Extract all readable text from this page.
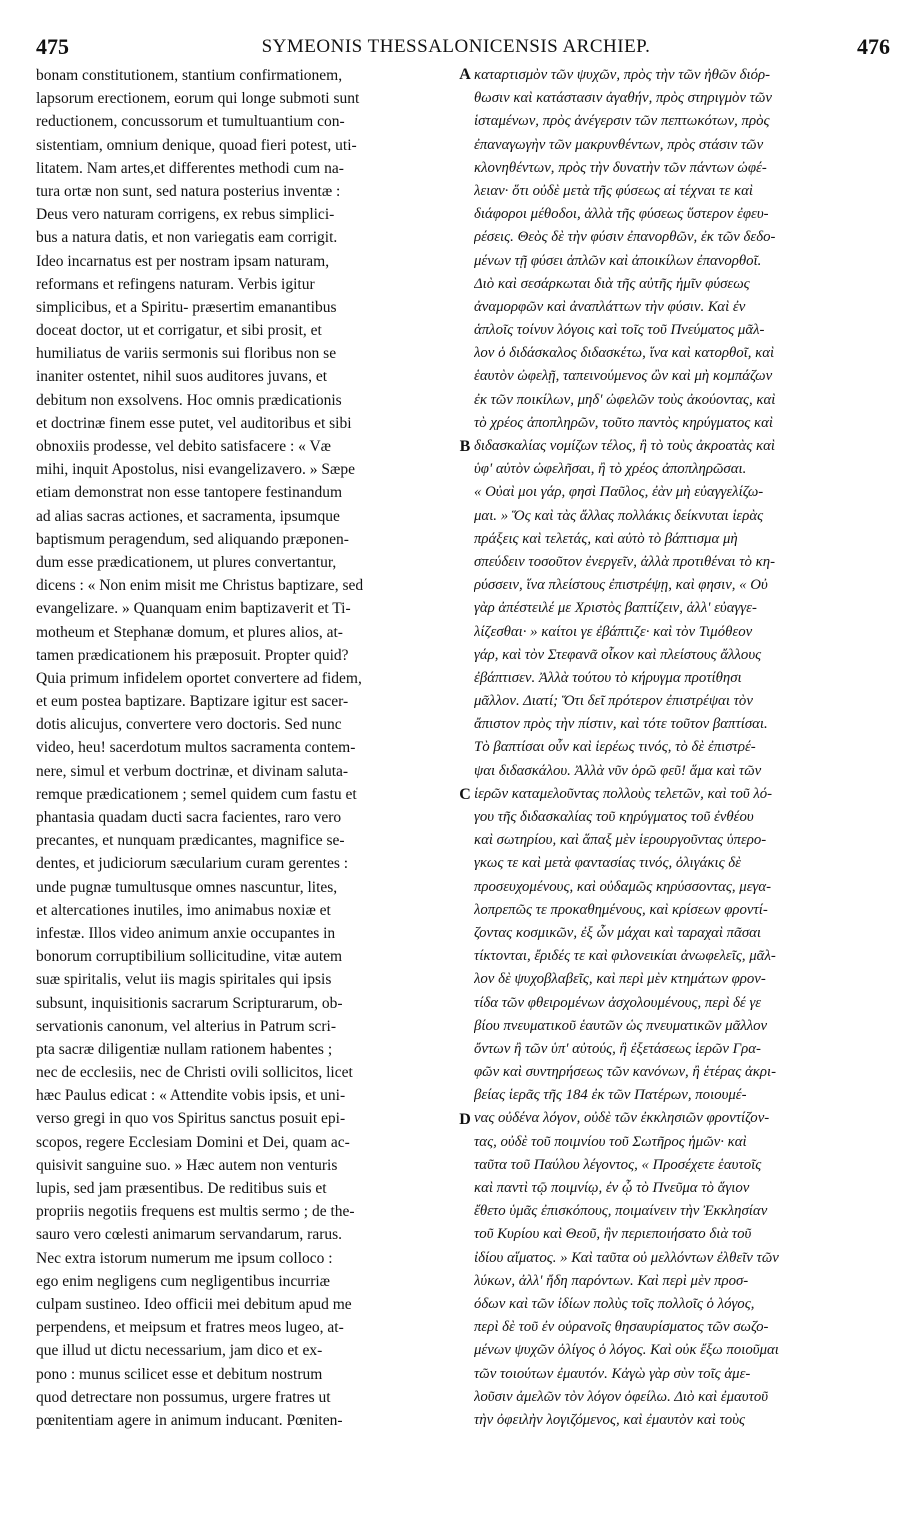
475	SYMEONIS THESSALONICENSIS ARCHIEP.	476
A
B
C
D
bonam constitutionem, stantium confirmationem,
lapsorum erectionem, eorum qui longe submoti sunt
reductionem, concussorum et tumultuantium con-
sistentiam, omnium denique, quoad fieri potest, uti-
litatem. Nam artes,et differentes methodi cum na-
tura ortæ non sunt, sed natura posterius inventæ :
Deus vero naturam corrigens, ex rebus simplici-
bus a natura datis, et non variegatis eam corrigit.
Ideo incarnatus est per nostram ipsam naturam,
reformans et refingens naturam. Verbis igitur
simplicibus, et a Spiritu- præsertim emanantibus
doceat doctor, ut et corrigatur, et sibi prosit, et
humiliatus de variis sermonis sui floribus non se
inaniter ostentet, nihil suos auditores juvans, et
debitum non exsolvens. Hoc omnis prædicationis
et doctrinæ finem esse putet, vel auditoribus et sibi
obnoxiis prodesse, vel debito satisfacere : « Væ
mihi, inquit Apostolus, nisi evangelizavero. » Sæpe
etiam demonstrat non esse tantopere festinandum
ad alias sacras actiones, et sacramenta, ipsumque
baptismum peragendum, sed aliquando præponen-
dum esse prædicationem, ut plures convertantur,
dicens : « Non enim misit me Christus baptizare, sed
evangelizare. » Quanquam enim baptizaverit et Ti-
motheum et Stephanæ domum, et plures alios, at-
tamen prædicationem his præposuit. Propter quid?
Quia primum infidelem oportet convertere ad fidem,
et eum postea baptizare. Baptizare igitur est sacer-
dotis alicujus, convertere vero doctoris. Sed nunc
video, heu! sacerdotum multos sacramenta contem-
nere, simul et verbum doctrinæ, et divinam saluta-
remque prædicationem ; semel quidem cum fastu et
phantasia quadam ducti sacra facientes, raro vero
precantes, et nunquam prædicantes, magnifice se-
dentes, et judiciorum sæcularium curam gerentes :
unde pugnæ tumultusque omnes nascuntur, lites,
et altercationes inutiles, imo animabus noxiæ et
infestæ. Illos video animum anxie occupantes in
bonorum corruptibilium sollicitudine, vitæ autem
suæ spiritalis, velut iis magis spiritales qui ipsis
subsunt, inquisitionis sacrarum Scripturarum, ob-
servationis canonum, vel alterius in Patrum scri-
pta sacræ diligentiæ nullam rationem habentes ;
nec de ecclesiis, nec de Christi ovili sollicitos, licet
hæc Paulus edicat : « Attendite vobis ipsis, et uni-
verso gregi in quo vos Spiritus sanctus posuit epi-
scopos, regere Ecclesiam Domini et Dei, quam ac-
quisivit sanguine suo. » Hæc autem non venturis
lupis, sed jam præsentibus. De reditibus suis et
propriis negotiis frequens est multis sermo ; de the-
sauro vero cœlesti animarum servandarum, rarus.
Nec extra istorum numerum me ipsum colloco :
ego enim negligens cum negligentibus incurriæ
culpam sustineo. Ideo officii mei debitum apud me
perpendens, et meipsum et fratres meos lugeo, at-
que illud ut dictu necessarium, jam dico et ex-
pono : munus scilicet esse et debitum nostrum
quod detrectare non possumus, urgere fratres ut
pœnitentiam agere in animum inducant. Pœniten-
καταρτισμὸν τῶν ψυχῶν, πρὸς τὴν τῶν ἠθῶν διόρ-
θωσιν καὶ κατάστασιν ἀγαθήν, πρὸς στηριγμὸν τῶν
ἱσταμένων, πρὸς ἀνέγερσιν τῶν πεπτωκότων, πρὸς
ἐπαναγωγὴν τῶν μακρυνθέντων, πρὸς στάσιν τῶν
κλονηθέντων, πρὸς τὴν δυνατὴν τῶν πάντων ὠφέ-
λειαν· ὅτι οὐδὲ μετὰ τῆς φύσεως αἱ τέχναι τε καὶ
διάφοροι μέθοδοι, ἀλλὰ τῆς φύσεως ὕστερον ἐφευ-
ρέσεις. Θεὸς δὲ τὴν φύσιν ἐπανορθῶν, ἐκ τῶν δεδο-
μένων τῇ φύσει ἁπλῶν καὶ ἀποικίλων ἐπανορθοῖ.
Διὸ καὶ σεσάρκωται διὰ τῆς αὐτῆς ἡμῖν φύσεως
ἀναμορφῶν καὶ ἀναπλάττων τὴν φύσιν. Καὶ ἐν
ἁπλοῖς τοίνυν λόγοις καὶ τοῖς τοῦ Πνεύματος μᾶλ-
λον ὁ διδάσκαλος διδασκέτω, ἵνα καὶ κατορθοῖ, καὶ
ἑαυτὸν ὠφελῇ, ταπεινούμενος ὢν καὶ μὴ κομπάζων
ἐκ τῶν ποικίλων, μηδ' ὠφελῶν τοὺς ἀκούοντας, καὶ
τὸ χρέος ἀποπληρῶν, τοῦτο παντὸς κηρύγματος καὶ
διδασκαλίας νομίζων τέλος, ἢ τὸ τοὺς ἀκροατὰς καὶ
ὑφ' αὑτὸν ὠφελῆσαι, ἢ τὸ χρέος ἀποπληρῶσαι.
« Οὐαὶ μοι γάρ, φησὶ Παῦλος, ἐὰν μὴ εὐαγγελίζω-
μαι. » Ὅς καὶ τὰς ἄλλας πολλάκις δείκνυται ἱερὰς
πράξεις καὶ τελετάς, καὶ αὐτὸ τὸ βάπτισμα μὴ
σπεύδειν τοσοῦτον ἐνεργεῖν, ἀλλὰ προτιθέναι τὸ κη-
ρύσσειν, ἵνα πλείστους ἐπιστρέψῃ, καὶ φησιν, « Οὐ
γὰρ ἀπέστειλέ με Χριστὸς βαπτίζειν, ἀλλ' εὐαγγε-
λίζεσθαι· » καίτοι γε ἐβάπτιζε· καὶ τὸν Τιμόθεον
γάρ, καὶ τὸν Στεφανᾶ οἶκον καὶ πλείστους ἄλλους
ἐβάπτισεν. Ἀλλὰ τούτου τὸ κήρυγμα προτίθησι
μᾶλλον. Διατί; Ὅτι δεῖ πρότερον ἐπιστρέψαι τὸν
ἄπιστον πρὸς τὴν πίστιν, καὶ τότε τοῦτον βαπτίσαι.
Τὸ βαπτίσαι οὖν καὶ ἱερέως τινός, τὸ δὲ ἐπιστρέ-
ψαι διδασκάλου. Ἀλλὰ νῦν ὁρῶ φεῦ! ἅμα καὶ τῶν
ἱερῶν καταμελοῦντας πολλοὺς τελετῶν, καὶ τοῦ λό-
γου τῆς διδασκαλίας τοῦ κηρύγματος τοῦ ἐνθέου
καὶ σωτηρίου, καὶ ἅπαξ μὲν ἱερουργοῦντας ὑπερο-
γκως τε καὶ μετὰ φαντασίας τινός, ὀλιγάκις δὲ
προσευχομένους, καὶ οὐδαμῶς κηρύσσοντας, μεγα-
λοπρεπῶς τε προκαθημένους, καὶ κρίσεων φροντί-
ζοντας κοσμικῶν, ἐξ ὧν μάχαι καὶ ταραχαὶ πᾶσαι
τίκτονται, ἔριδές τε καὶ φιλονεικίαι ἀνωφελεῖς, μᾶλ-
λον δὲ ψυχοβλαβεῖς, καὶ περὶ μὲν κτημάτων φρον-
τίδα τῶν φθειρομένων ἀσχολουμένους, περὶ δέ γε
βίου πνευματικοῦ ἑαυτῶν ὡς πνευματικῶν μᾶλλον
ὄντων ἢ τῶν ὑπ' αὐτούς, ἢ ἐξετάσεως ἱερῶν Γρα-
φῶν καὶ συντηρήσεως τῶν κανόνων, ἢ ἑτέρας ἀκρι-
βείας ἱερᾶς τῆς 184 ἐκ τῶν Πατέρων, ποιουμέ-
νας οὐδένα λόγον, οὐδὲ τῶν ἐκκλησιῶν φροντίζον-
τας, οὐδὲ τοῦ ποιμνίου τοῦ Σωτῆρος ἡμῶν· καὶ
ταῦτα τοῦ Παύλου λέγοντος, « Προσέχετε ἑαυτοῖς
καὶ παντὶ τῷ ποιμνίῳ, ἐν ᾧ τὸ Πνεῦμα τὸ ἅγιον
ἔθετο ὑμᾶς ἐπισκόπους, ποιμαίνειν τὴν Ἐκκλησίαν
τοῦ Κυρίου καὶ Θεοῦ, ἣν περιεποιήσατο διὰ τοῦ
ἰδίου αἵματος. » Καὶ ταῦτα οὐ μελλόντων ἐλθεῖν τῶν
λύκων, ἀλλ' ἤδη παρόντων. Καὶ περὶ μὲν προσ-
όδων καὶ τῶν ἰδίων πολὺς τοῖς πολλοῖς ὁ λόγος,
περὶ δὲ τοῦ ἐν οὐρανοῖς θησαυρίσματος τῶν σωζο-
μένων ψυχῶν ὀλίγος ὁ λόγος. Καὶ οὐκ ἔξω ποιοῦμαι
τῶν τοιούτων ἐμαυτόν. Κἀγὼ γὰρ σὺν τοῖς ἀμε-
λοῦσιν ἀμελῶν τὸν λόγον ὀφείλω. Διὸ καὶ ἐμαυτοῦ
τὴν ὀφειλὴν λογιζόμενος, καὶ ἐμαυτὸν καὶ τοὺς
